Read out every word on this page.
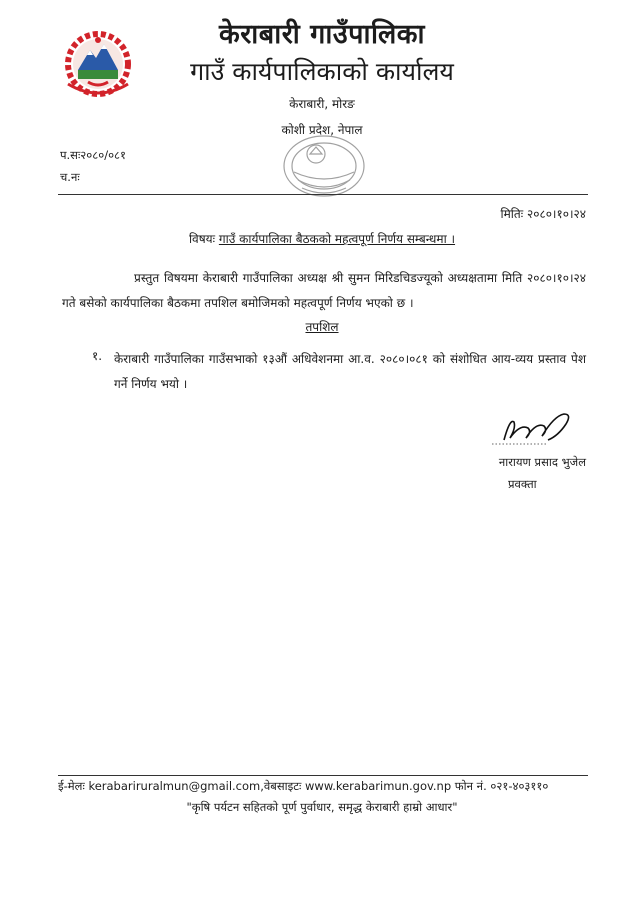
केराबारी गाउँपालिका
गाउँ कार्यपालिकाको कार्यालय
केराबारी, मोरङ
कोशी प्रदेश, नेपाल
प.सः२०८०/०८१
च.नः
मितिः २०८०।१०।२४
विषयः गाउँ कार्यपालिका बैठकको महत्वपूर्ण निर्णय सम्बन्धमा ।
प्रस्तुत विषयमा केराबारी गाउँपालिका अध्यक्ष श्री सुमन मिरिडचिडज्यूको अध्यक्षतामा मिति २०८०।१०।२४ गते बसेको कार्यपालिका बैठकमा तपशिल बमोजिमको महत्वपूर्ण निर्णय भएको छ ।
तपशिल
१. केराबारी गाउँपालिका गाउँसभाको १३औं अधिवेशनमा आ.व. २०८०।०८१ को संशोधित आय-व्यय प्रस्ताव पेश गर्ने निर्णय भयो ।
नारायण प्रसाद भुजेल
प्रवक्ता
ई-मेलः kerabariruralmun@gmail.com,वेबसाइटः www.kerabarimun.gov.np फोन नं. ०२१-४०३११०
"कृषि पर्यटन सहितको पूर्ण पुर्वाधार, समृद्ध केराबारी हाम्रो आधार"
